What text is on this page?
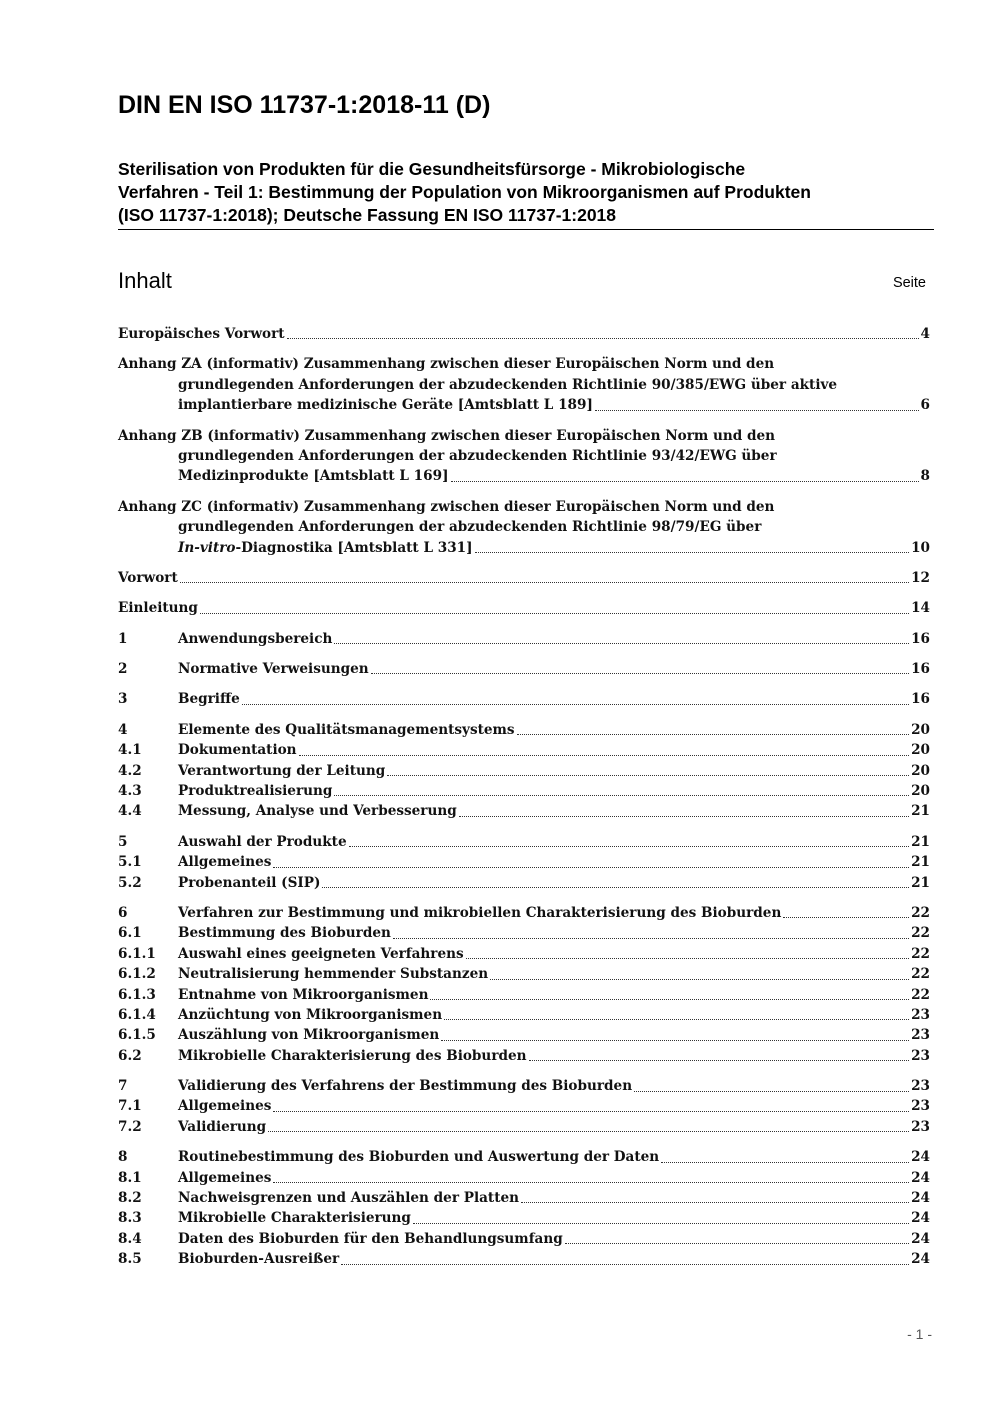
DIN EN ISO 11737-1:2018-11 (D)
Sterilisation von Produkten für die Gesundheitsfürsorge - Mikrobiologische
Verfahren - Teil 1: Bestimmung der Population von Mikroorganismen auf Produkten
(ISO 11737-1:2018); Deutsche Fassung EN ISO 11737-1:2018
Inhalt	Seite
Europäisches Vorwort	4
Anhang ZA (informativ) Zusammenhang zwischen dieser Europäischen Norm und den
grundlegenden Anforderungen der abzudeckenden Richtlinie 90/385/EWG über aktive
implantierbare medizinische Geräte [Amtsblatt L 189]	6
Anhang ZB (informativ) Zusammenhang zwischen dieser Europäischen Norm und den
grundlegenden Anforderungen der abzudeckenden Richtlinie 93/42/EWG über
Medizinprodukte [Amtsblatt L 169]	8
Anhang ZC (informativ) Zusammenhang zwischen dieser Europäischen Norm und den
grundlegenden Anforderungen der abzudeckenden Richtlinie 98/79/EG über
In-vitro-Diagnostika [Amtsblatt L 331]	10
Vorwort	12
Einleitung	14
1	Anwendungsbereich	16
2	Normative Verweisungen	16
3	Begriffe	16
4	Elemente des Qualitätsmanagementsystems	20
4.1	Dokumentation	20
4.2	Verantwortung der Leitung	20
4.3	Produktrealisierung	20
4.4	Messung, Analyse und Verbesserung	21
5	Auswahl der Produkte	21
5.1	Allgemeines	21
5.2	Probenanteil (SIP)	21
6	Verfahren zur Bestimmung und mikrobiellen Charakterisierung des Bioburden	22
6.1	Bestimmung des Bioburden	22
6.1.1	Auswahl eines geeigneten Verfahrens	22
6.1.2	Neutralisierung hemmender Substanzen	22
6.1.3	Entnahme von Mikroorganismen	22
6.1.4	Anzüchtung von Mikroorganismen	23
6.1.5	Auszählung von Mikroorganismen	23
6.2	Mikrobielle Charakterisierung des Bioburden	23
7	Validierung des Verfahrens der Bestimmung des Bioburden	23
7.1	Allgemeines	23
7.2	Validierung	23
8	Routinebestimmung des Bioburden und Auswertung der Daten	24
8.1	Allgemeines	24
8.2	Nachweisgrenzen und Auszählen der Platten	24
8.3	Mikrobielle Charakterisierung	24
8.4	Daten des Bioburden für den Behandlungsumfang	24
8.5	Bioburden-Ausreißer	24
- 1 -
